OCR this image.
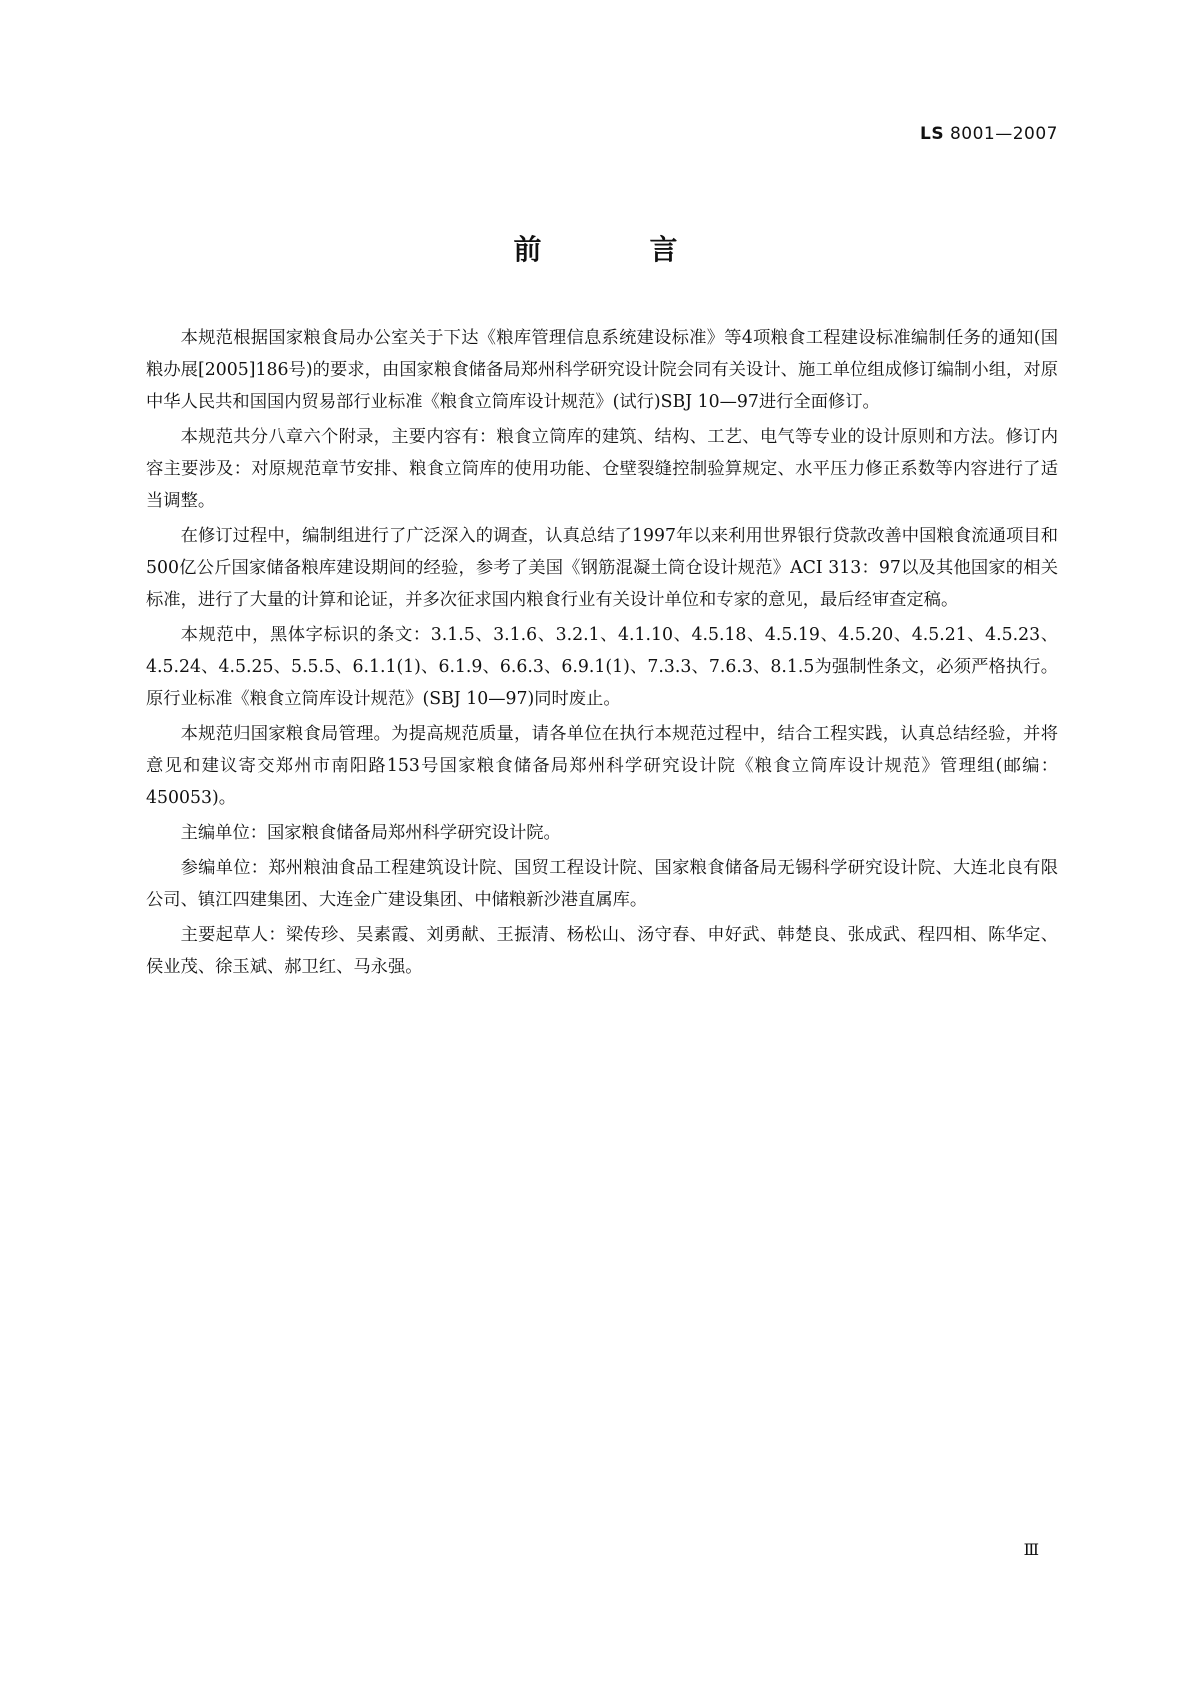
LS 8001—2007
前　言

本规范根据国家粮食局办公室关于下达《粮库管理信息系统建设标准》等4项粮食工程建设标准编制任务的通知(国粮办展[2005]186号)的要求，由国家粮食储备局郑州科学研究设计院会同有关设计、施工单位组成修订编制小组，对原中华人民共和国国内贸易部行业标准《粮食立筒库设计规范》(试行)SBJ 10—97进行全面修订。

本规范共分八章六个附录，主要内容有：粮食立筒库的建筑、结构、工艺、电气等专业的设计原则和方法。修订内容主要涉及：对原规范章节安排、粮食立筒库的使用功能、仓壁裂缝控制验算规定、水平压力修正系数等内容进行了适当调整。

在修订过程中，编制组进行了广泛深入的调查，认真总结了1997年以来利用世界银行贷款改善中国粮食流通项目和500亿公斤国家储备粮库建设期间的经验，参考了美国《钢筋混凝土筒仓设计规范》ACI 313：97以及其他国家的相关标准，进行了大量的计算和论证，并多次征求国内粮食行业有关设计单位和专家的意见，最后经审查定稿。

本规范中，黑体字标识的条文：3.1.5、3.1.6、3.2.1、4.1.10、4.5.18、4.5.19、4.5.20、4.5.21、4.5.23、4.5.24、4.5.25、5.5.5、6.1.1(1)、6.1.9、6.6.3、6.9.1(1)、7.3.3、7.6.3、8.1.5为强制性条文，必须严格执行。原行业标准《粮食立筒库设计规范》(SBJ 10—97)同时废止。

本规范归国家粮食局管理。为提高规范质量，请各单位在执行本规范过程中，结合工程实践，认真总结经验，并将意见和建议寄交郑州市南阳路153号国家粮食储备局郑州科学研究设计院《粮食立筒库设计规范》管理组(邮编：450053)。

主编单位：国家粮食储备局郑州科学研究设计院。

参编单位：郑州粮油食品工程建筑设计院、国贸工程设计院、国家粮食储备局无锡科学研究设计院、大连北良有限公司、镇江四建集团、大连金广建设集团、中储粮新沙港直属库。

主要起草人：梁传珍、吴素霞、刘勇献、王振清、杨松山、汤守春、申好武、韩楚良、张成武、程四相、陈华定、侯业茂、徐玉斌、郝卫红、马永强。

Ⅲ
